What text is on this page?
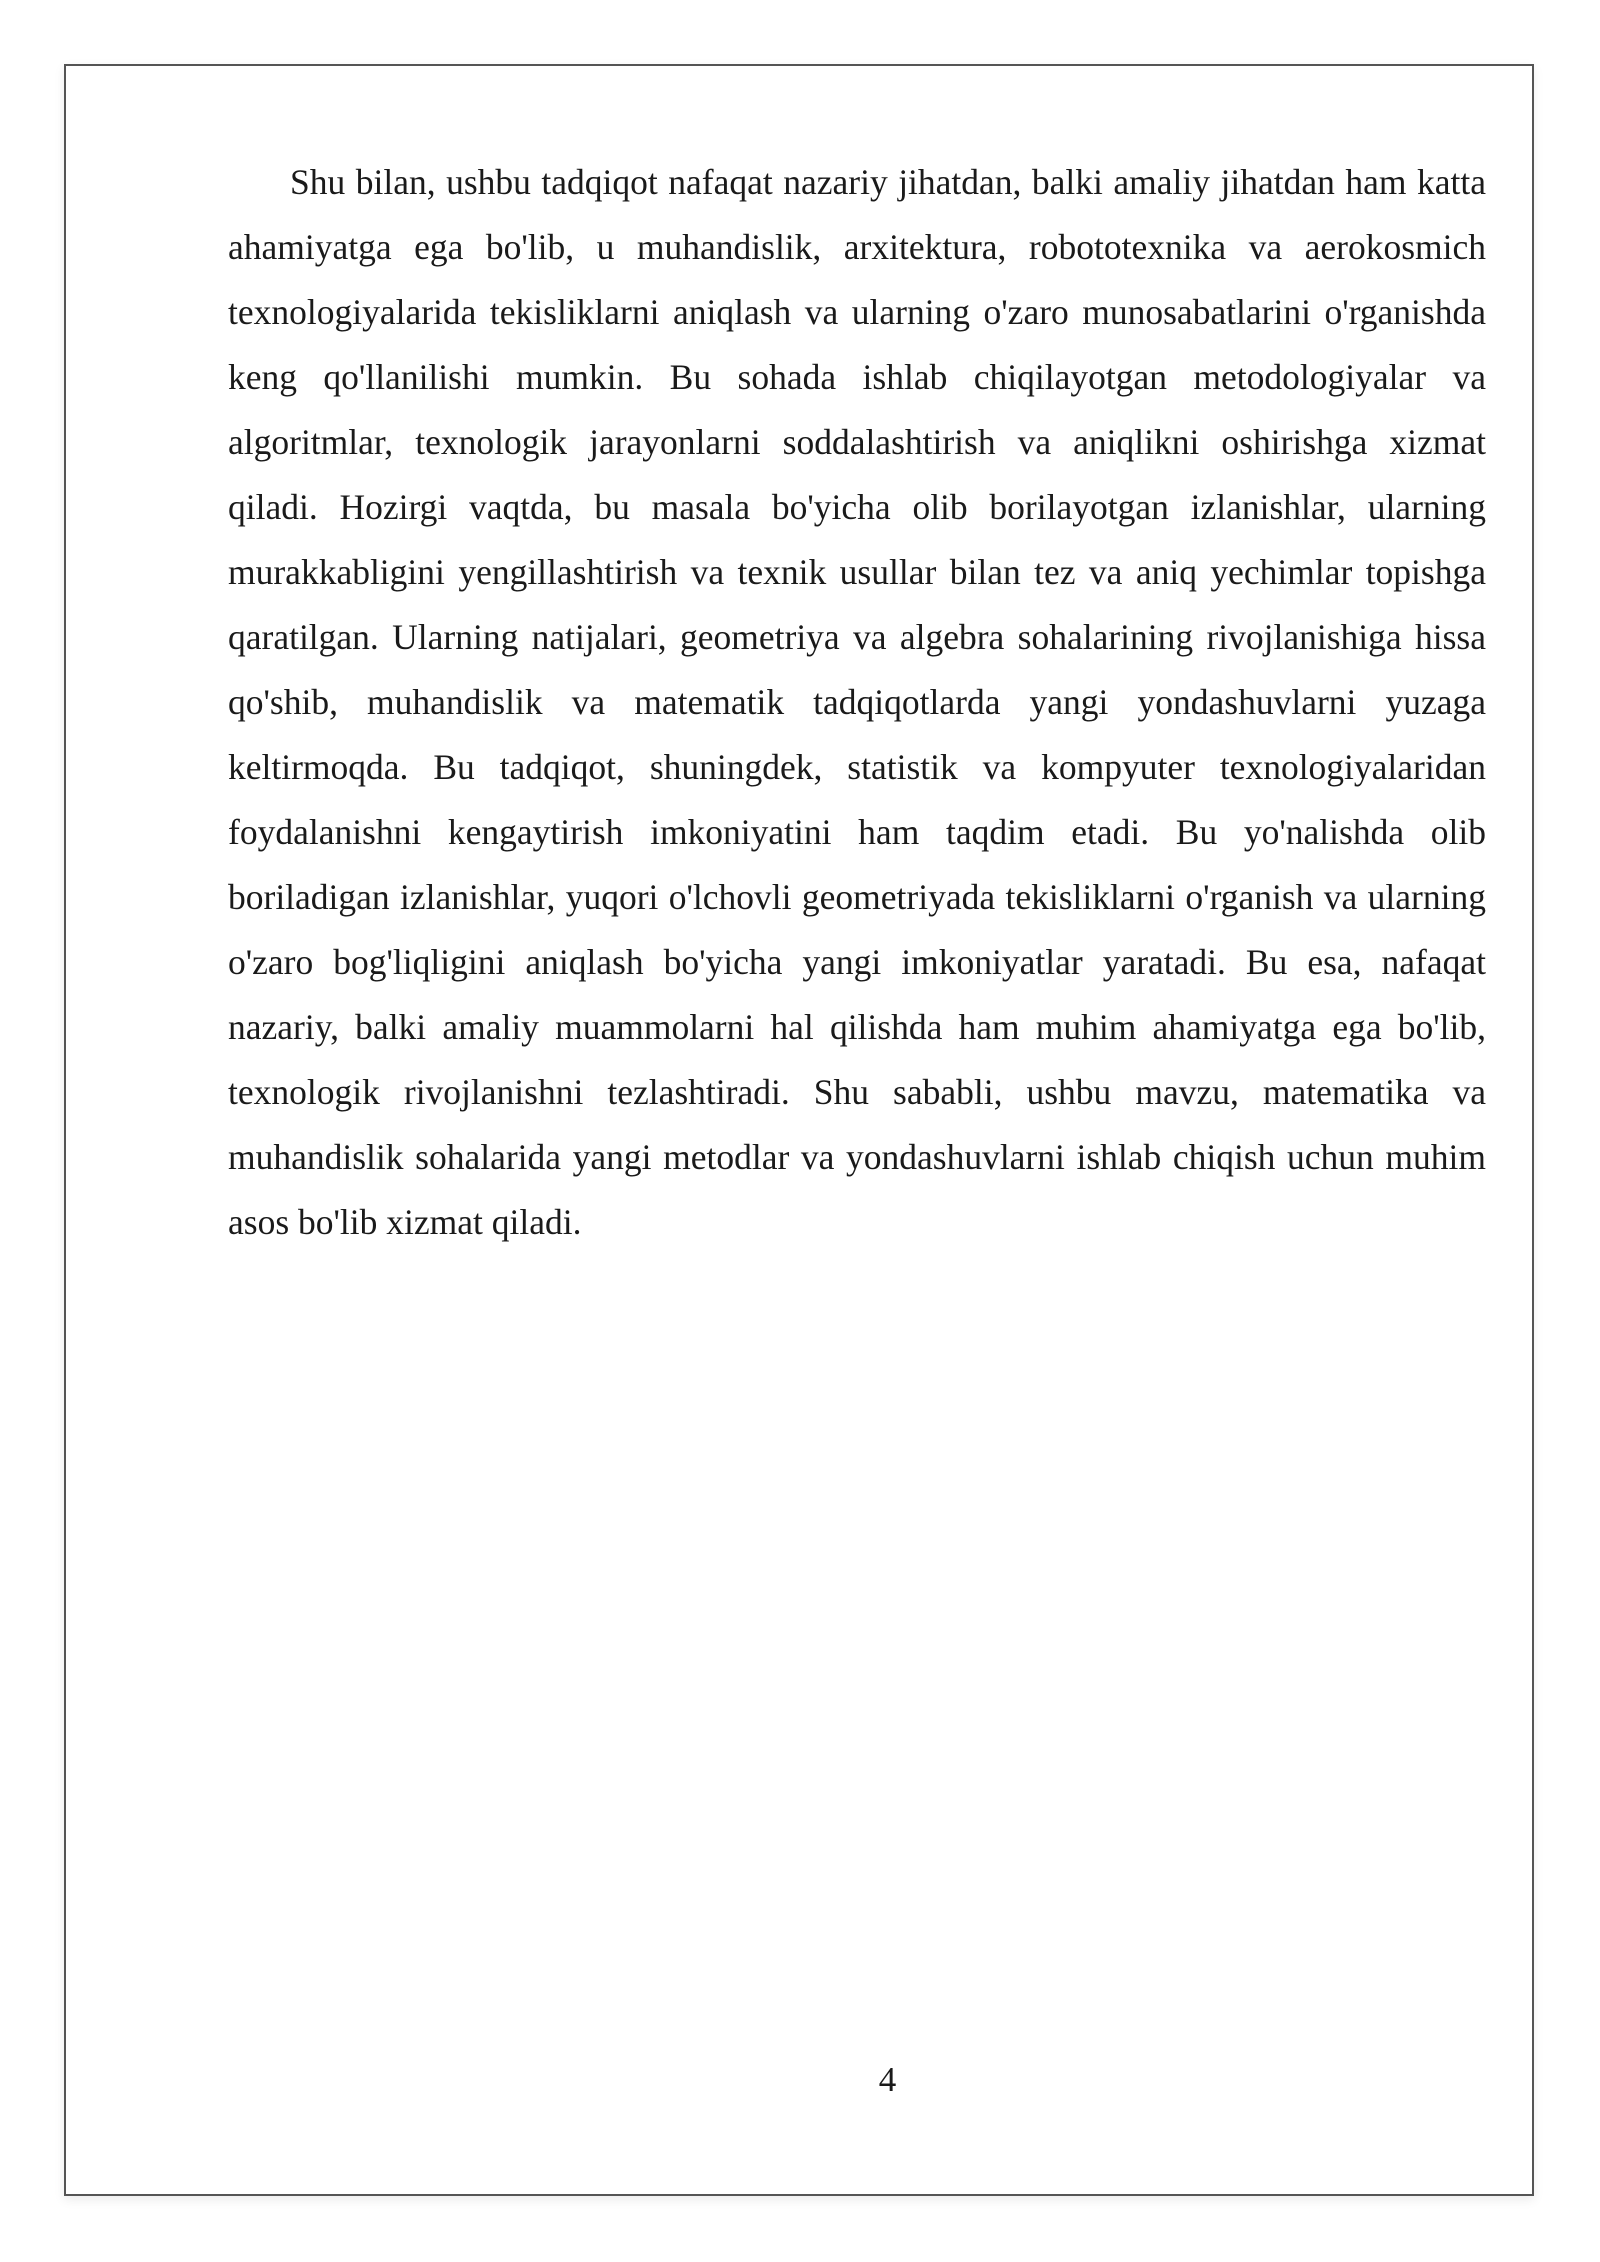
Shu bilan, ushbu tadqiqot nafaqat nazariy jihatdan, balki amaliy jihatdan ham katta ahamiyatga ega bo'lib, u muhandislik, arxitektura, robototexnika va aerokosmich texnologiyalarida tekisliklarni aniqlash va ularning o'zaro munosabatlarini o'rganishda keng qo'llanilishi mumkin. Bu sohada ishlab chiqilayotgan metodologiyalar va algoritmlar, texnologik jarayonlarni soddalashtirish va aniqlikni oshirishga xizmat qiladi. Hozirgi vaqtda, bu masala bo'yicha olib borilayotgan izlanishlar, ularning murakkabligini yengillashtirish va texnik usullar bilan tez va aniq yechimlar topishga qaratilgan. Ularning natijalari, geometriya va algebra sohalarining rivojlanishiga hissa qo'shib, muhandislik va matematik tadqiqotlarda yangi yondashuvlarni yuzaga keltirmoqda. Bu tadqiqot, shuningdek, statistik va kompyuter texnologiyalaridan foydalanishni kengaytirish imkoniyatini ham taqdim etadi. Bu yo'nalishda olib boriladigan izlanishlar, yuqori o'lchovli geometriyada tekisliklarni o'rganish va ularning o'zaro bog'liqligini aniqlash bo'yicha yangi imkoniyatlar yaratadi. Bu esa, nafaqat nazariy, balki amaliy muammolarni hal qilishda ham muhim ahamiyatga ega bo'lib, texnologik rivojlanishni tezlashtiradi. Shu sababli, ushbu mavzu, matematika va muhandislik sohalarida yangi metodlar va yondashuvlarni ishlab chiqish uchun muhim asos bo'lib xizmat qiladi.

4
